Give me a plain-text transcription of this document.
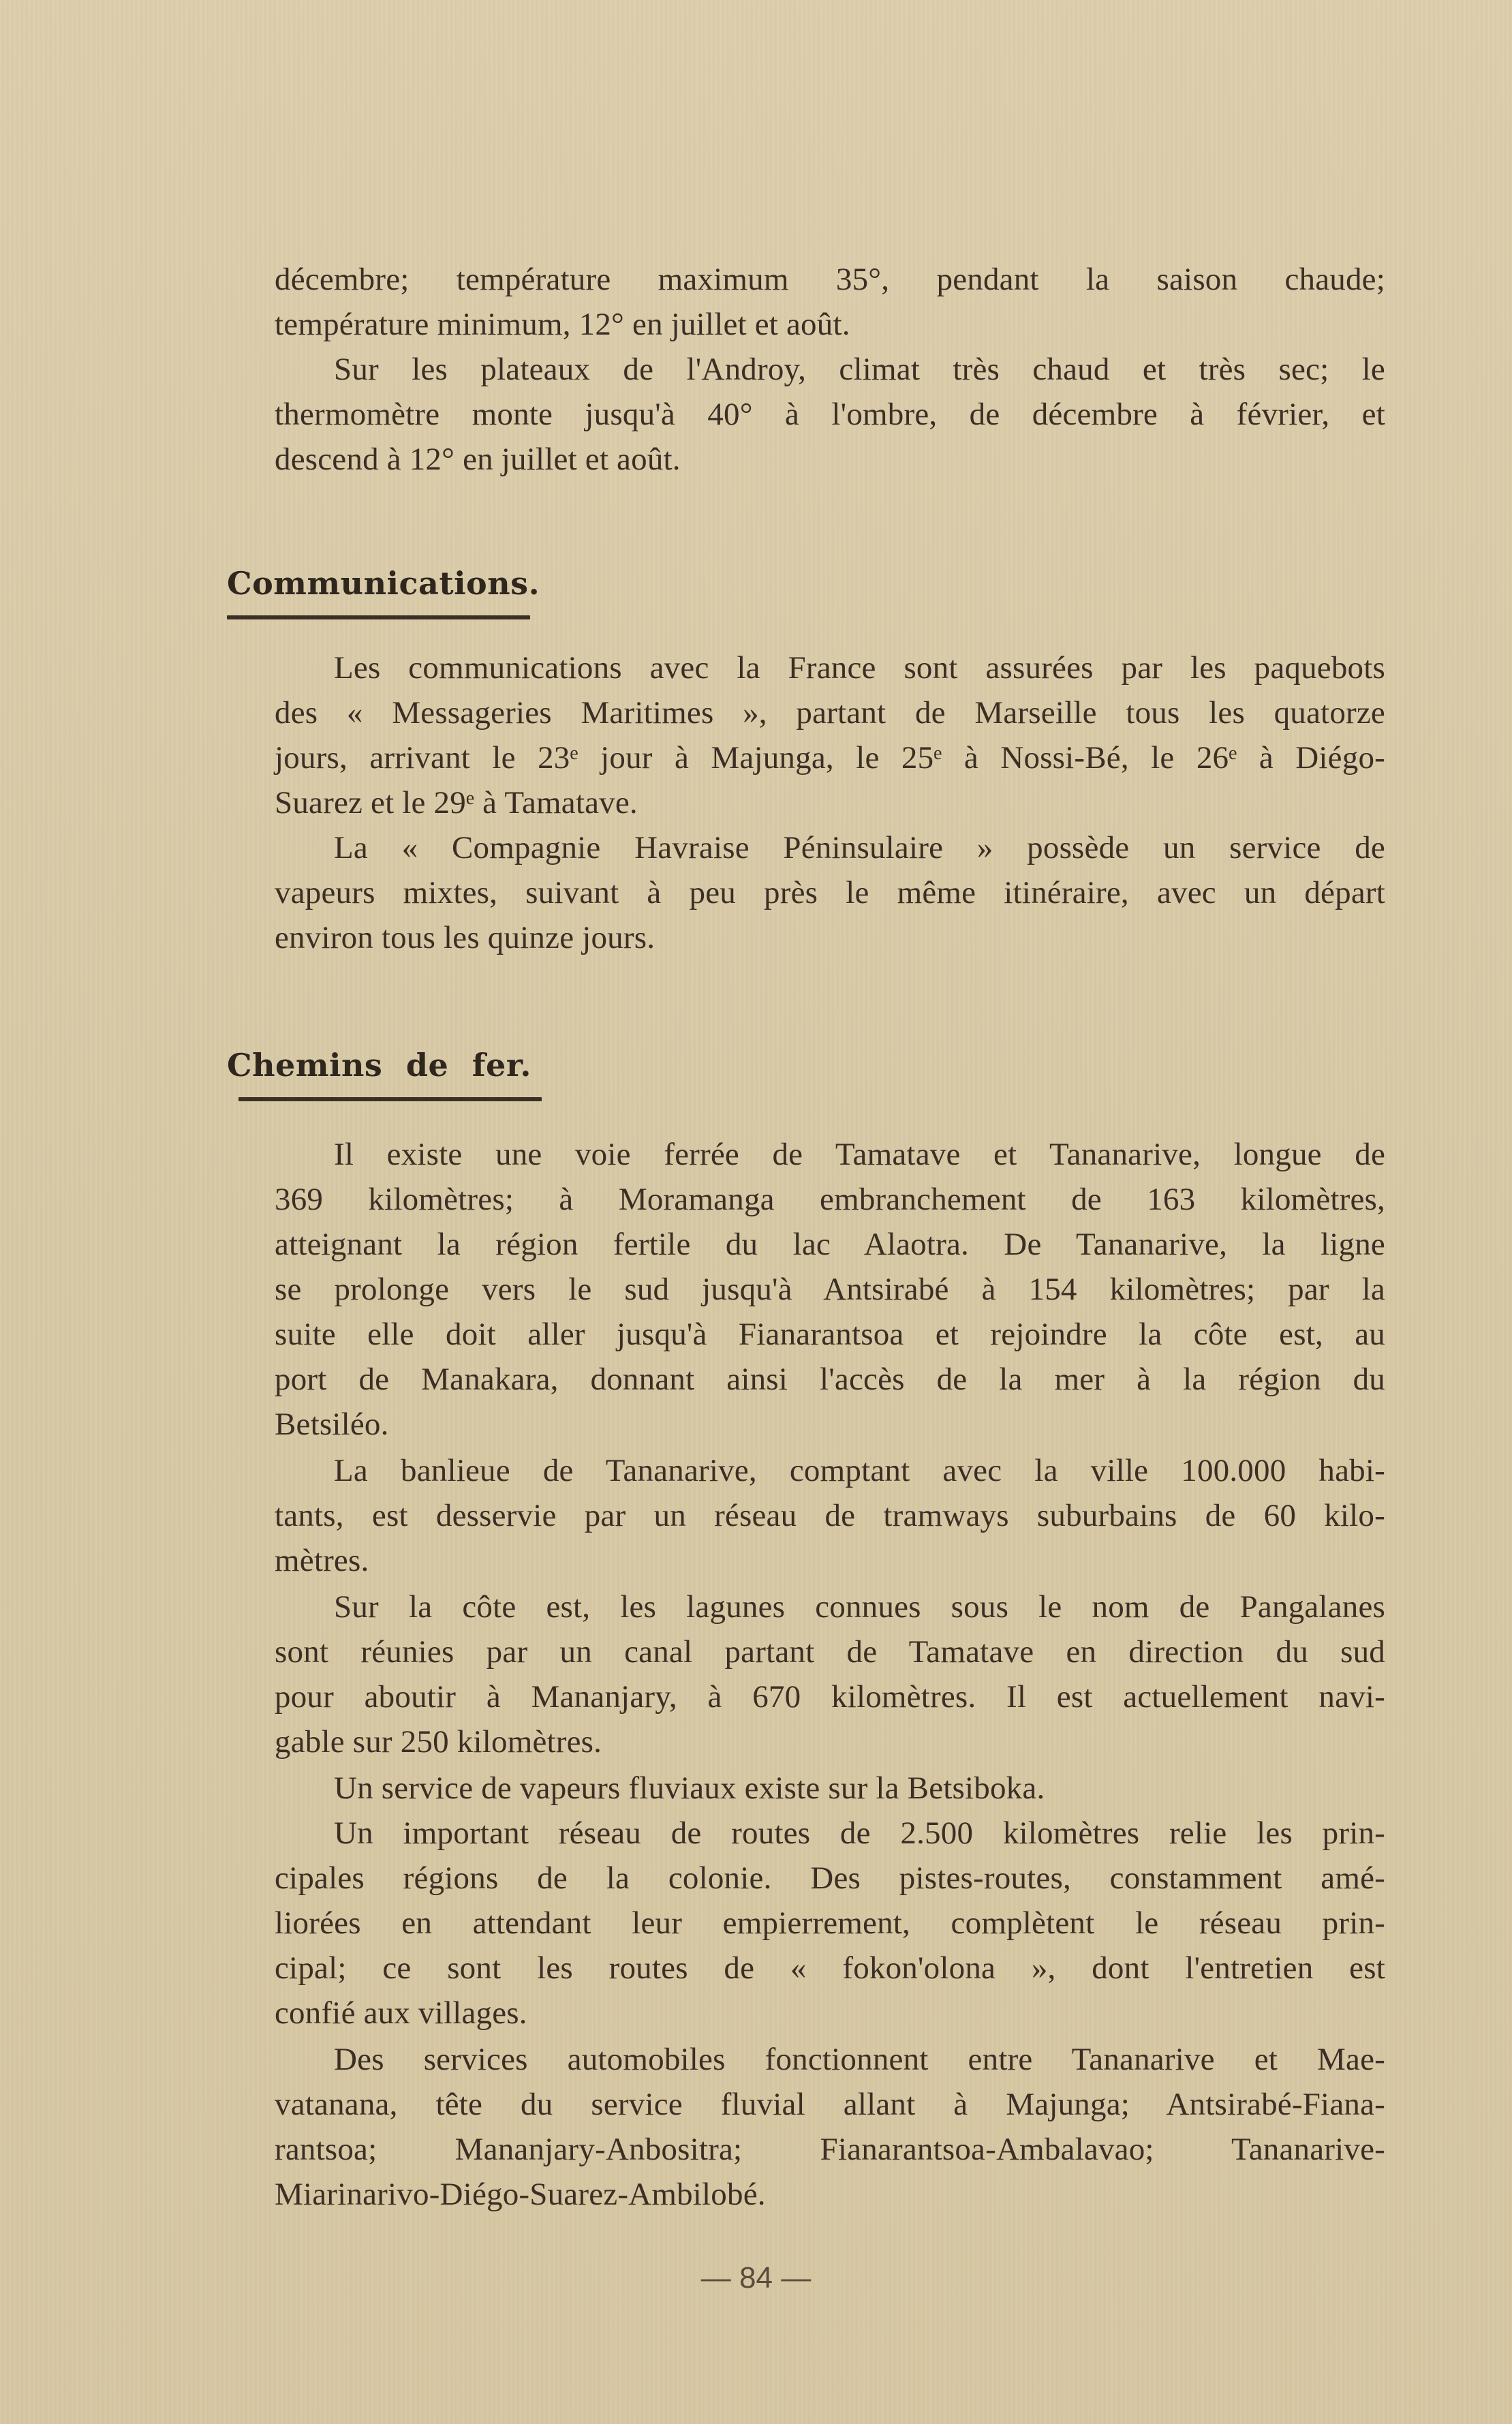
décembre; température maximum 35°, pendant la saison chaude;
température minimum, 12° en juillet et août.
Sur les plateaux de l'Androy, climat très chaud et très sec; le
thermomètre monte jusqu'à 40° à l'ombre, de décembre à février, et
descend à 12° en juillet et août.
Communications.
Les communications avec la France sont assurées par les paquebots
des « Messageries Maritimes », partant de Marseille tous les quatorze
jours, arrivant le 23ᵉ jour à Majunga, le 25ᵉ à Nossi-Bé, le 26ᵉ à Diégo-
Suarez et le 29ᵉ à Tamatave.
La « Compagnie Havraise Péninsulaire » possède un service de
vapeurs mixtes, suivant à peu près le même itinéraire, avec un départ
environ tous les quinze jours.
Chemins de fer.
Il existe une voie ferrée de Tamatave et Tananarive, longue de
369 kilomètres; à Moramanga embranchement de 163 kilomètres,
atteignant la région fertile du lac Alaotra. De Tananarive, la ligne
se prolonge vers le sud jusqu'à Antsirabé à 154 kilomètres; par la
suite elle doit aller jusqu'à Fianarantsoa et rejoindre la côte est, au
port de Manakara, donnant ainsi l'accès de la mer à la région du
Betsiléo.
La banlieue de Tananarive, comptant avec la ville 100.000 habi-
tants, est desservie par un réseau de tramways suburbains de 60 kilo-
mètres.
Sur la côte est, les lagunes connues sous le nom de Pangalanes
sont réunies par un canal partant de Tamatave en direction du sud
pour aboutir à Mananjary, à 670 kilomètres. Il est actuellement navi-
gable sur 250 kilomètres.
Un service de vapeurs fluviaux existe sur la Betsiboka.
Un important réseau de routes de 2.500 kilomètres relie les prin-
cipales régions de la colonie. Des pistes-routes, constamment amé-
liorées en attendant leur empierrement, complètent le réseau prin-
cipal; ce sont les routes de « fokon'olona », dont l'entretien est
confié aux villages.
Des services automobiles fonctionnent entre Tananarive et Mae-
vatanana, tête du service fluvial allant à Majunga; Antsirabé-Fiana-
rantsoa; Mananjary-Anbositra; Fianarantsoa-Ambalavao; Tananarive-
Miarinarivo-Diégo-Suarez-Ambilobé.
— 84 —
